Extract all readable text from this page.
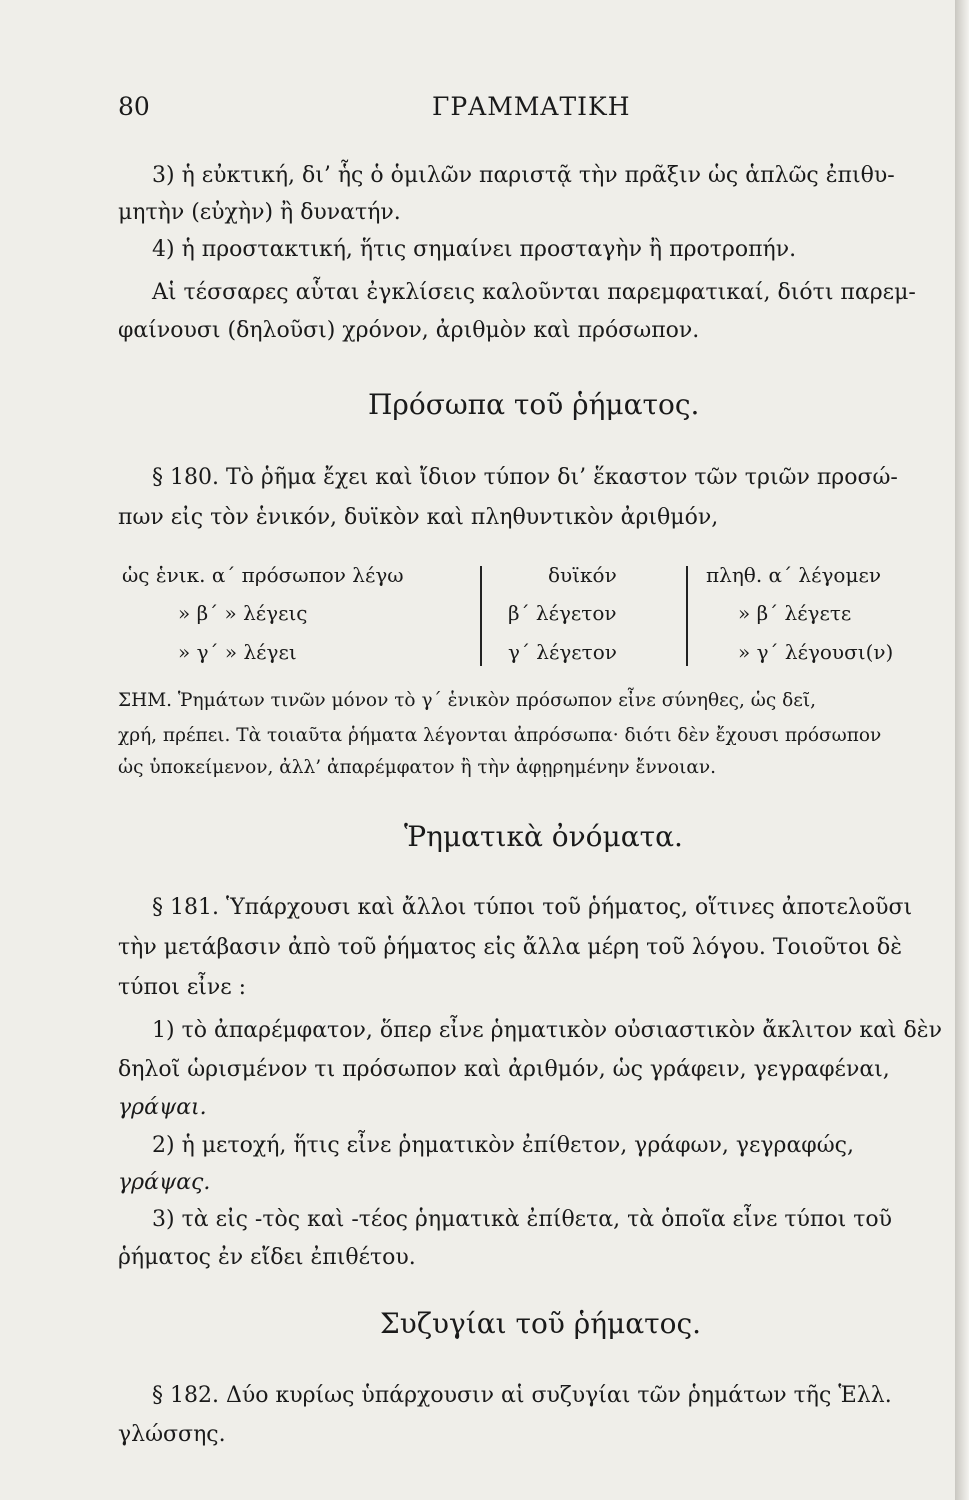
80	ΓΡΑΜΜΑΤΙΚΗ
3) ἡ εὐκτική, δι’ ἧς ὁ ὁμιλῶν παριστᾷ τὴν πρᾶξιν ὡς ἁπλῶς ἐπιθυ-
μητὴν (εὐχὴν) ἢ δυνατήν.
4) ἡ προστακτική, ἥτις σημαίνει προσταγὴν ἢ προτροπήν.
Αἱ τέσσαρες αὗται ἐγκλίσεις καλοῦνται παρεμφατικαί, διότι παρεμ-
φαίνουσι (δηλοῦσι) χρόνον, ἀριθμὸν καὶ πρόσωπον.
Πρόσωπα τοῦ ῥήματος.
§ 180. Τὸ ῥῆμα ἔχει καὶ ἴδιον τύπον δι’ ἕκαστον τῶν τριῶν προσώ-
πων εἰς τὸν ἑνικόν, δυϊκὸν καὶ πληθυντικὸν ἀριθμόν,
ὡς ἑνικ. α΄ πρόσωπον λέγω
» β΄ » λέγεις
» γ΄ » λέγει
δυϊκόν
β΄ λέγετον
γ΄ λέγετον
πληθ. α΄ λέγομεν
» β΄ λέγετε
» γ΄ λέγουσι(ν)
ΣΗΜ. Ῥημάτων τινῶν μόνον τὸ γ΄ ἑνικὸν πρόσωπον εἶνε σύνηθες, ὡς δεῖ,
χρή, πρέπει. Τὰ τοιαῦτα ῥήματα λέγονται ἀπρόσωπα· διότι δὲν ἔχουσι πρόσωπον
ὡς ὑποκείμενον, ἀλλ’ ἀπαρέμφατον ἢ τὴν ἀφῃρημένην ἔννοιαν.
Ῥηματικὰ ὀνόματα.
§ 181. Ὑπάρχουσι καὶ ἄλλοι τύποι τοῦ ῥήματος, οἵτινες ἀποτελοῦσι
τὴν μετάβασιν ἀπὸ τοῦ ῥήματος εἰς ἄλλα μέρη τοῦ λόγου. Τοιοῦτοι δὲ
τύποι εἶνε :
1) τὸ ἀπαρέμφατον, ὅπερ εἶνε ῥηματικὸν οὐσιαστικὸν ἄκλιτον καὶ δὲν
δηλοῖ ὡρισμένον τι πρόσωπον καὶ ἀριθμόν, ὡς γράφειν, γεγραφέναι,
γράψαι.
2) ἡ μετοχή, ἥτις εἶνε ῥηματικὸν ἐπίθετον, γράφων, γεγραφώς,
γράψας.
3) τὰ εἰς -τὸς καὶ -τέος ῥηματικὰ ἐπίθετα, τὰ ὁποῖα εἶνε τύποι τοῦ
ῥήματος ἐν εἴδει ἐπιθέτου.
Συζυγίαι τοῦ ῥήματος.
§ 182. Δύο κυρίως ὑπάρχουσιν αἱ συζυγίαι τῶν ῥημάτων τῆς Ἑλλ.
γλώσσης.
